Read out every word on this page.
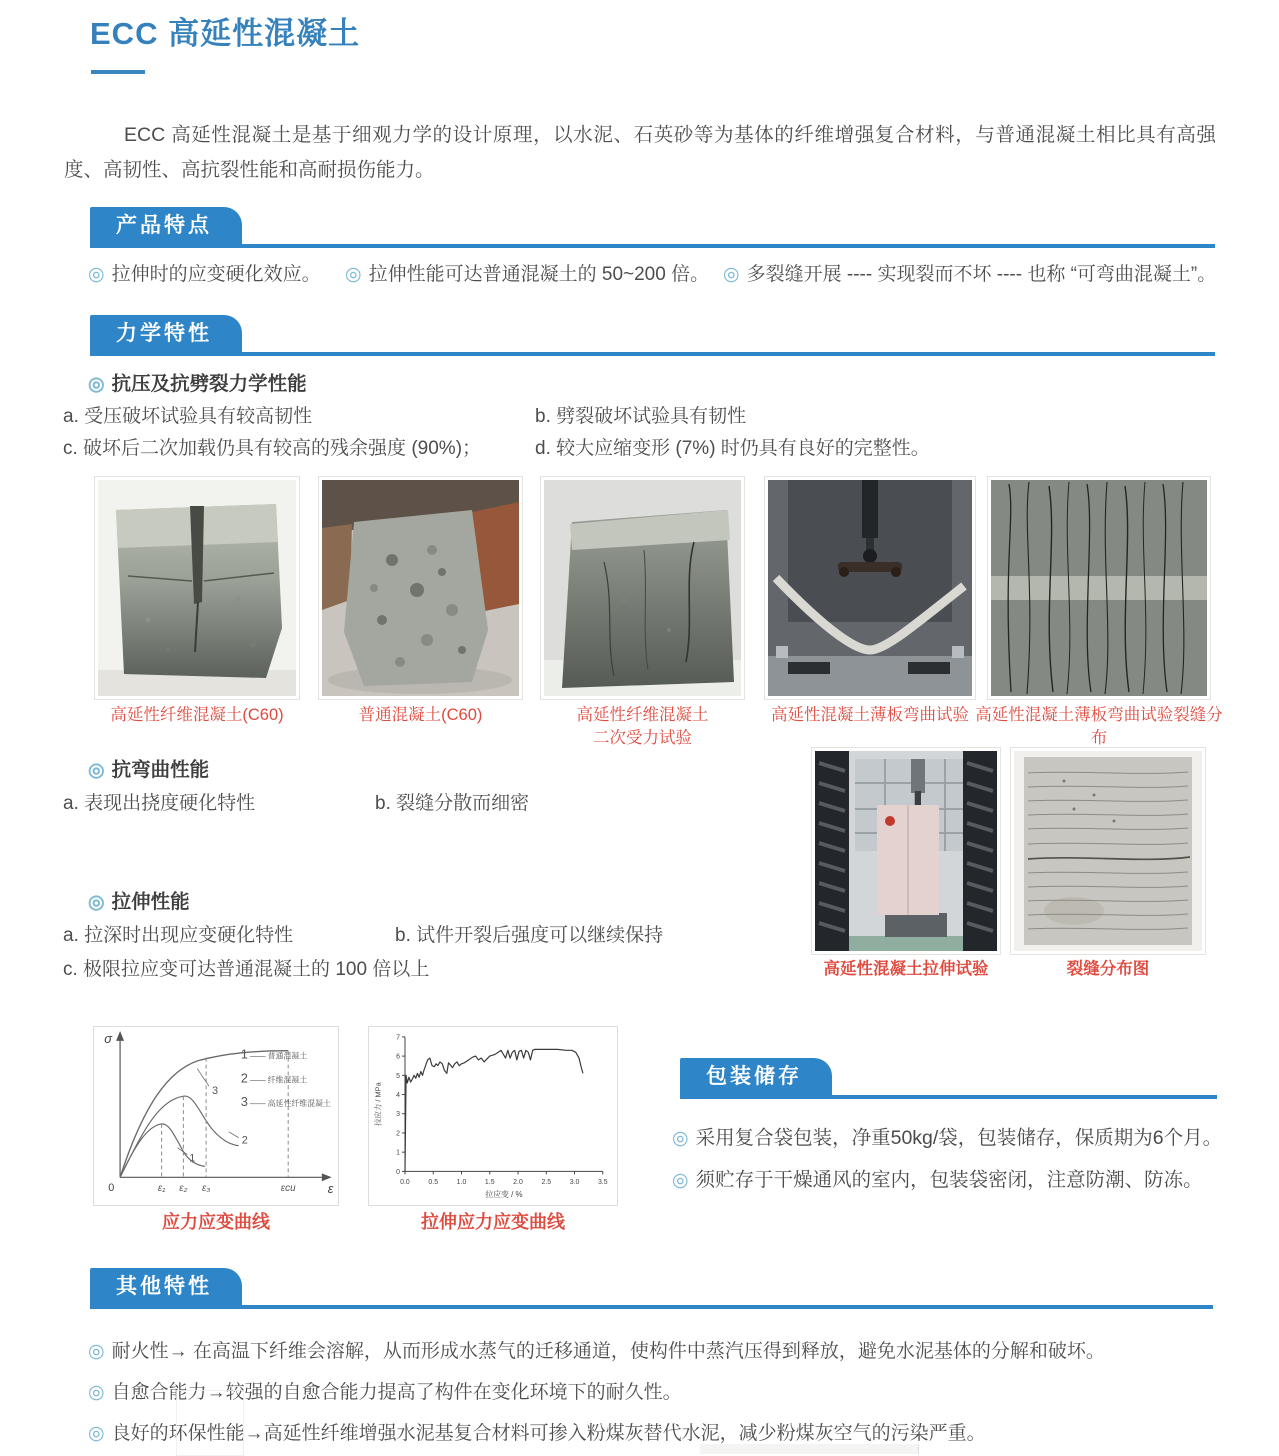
ECC 高延性混凝土
ECC 高延性混凝土是基于细观力学的设计原理，以水泥、石英砂等为基体的纤维增强复合材料，与普通混凝土相比具有高强度、高韧性、高抗裂性能和高耐损伤能力。
产品特点
◎ 拉伸时的应变硬化效应。 ◎ 拉伸性能可达普通混凝土的 50~200 倍。 ◎ 多裂缝开展 ---- 实现裂而不坏 ---- 也称 “可弯曲混凝土”。
力学特性
◎ 抗压及抗劈裂力学性能
a. 受压破坏试验具有较高韧性	b. 劈裂破坏试验具有韧性
c. 破坏后二次加载仍具有较高的残余强度 (90%)；	d. 较大应缩变形 (7%) 时仍具有良好的完整性。
高延性纤维混凝土(C60)	普通混凝土(C60)	高延性纤维混凝土
二次受力试验
高延性混凝土薄板弯曲试验 高延性混凝土薄板弯曲试验裂缝分布
◎ 抗弯曲性能
a. 表现出挠度硬化特性	b. 裂缝分散而细密
高延性混凝土拉伸试验	裂缝分布图
◎ 拉伸性能
a. 拉深时出现应变硬化特性	b. 试件开裂后强度可以继续保持
c. 极限拉应变可达普通混凝土的 100 倍以上
σ
ε
0	ε₁ ε₂ ε₃	εcu
3
2
1
1 —— 普通混凝土
2 —— 纤维混凝土
3 —— 高延性纤维混凝土
0
1
2
3
4
5
6
7
0.0	0.5	1.0	1.5	2.0	2.5	3.0	3.5
拉应力 / MPa
拉应变 / %
应力应变曲线	拉伸应力应变曲线
包装储存
◎ 采用复合袋包装，净重50kg/袋，包装储存，保质期为6个月。
◎ 须贮存于干燥通风的室内，包装袋密闭，注意防潮、防冻。
其他特性
◎ 耐火性→ 在高温下纤维会溶解，从而形成水蒸气的迁移通道，使构件中蒸汽压得到释放，避免水泥基体的分解和破坏。
◎ 自愈合能力→较强的自愈合能力提高了构件在变化环境下的耐久性。
◎ 良好的环保性能→高延性纤维增强水泥基复合材料可掺入粉煤灰替代水泥，减少粉煤灰空气的污染严重。
